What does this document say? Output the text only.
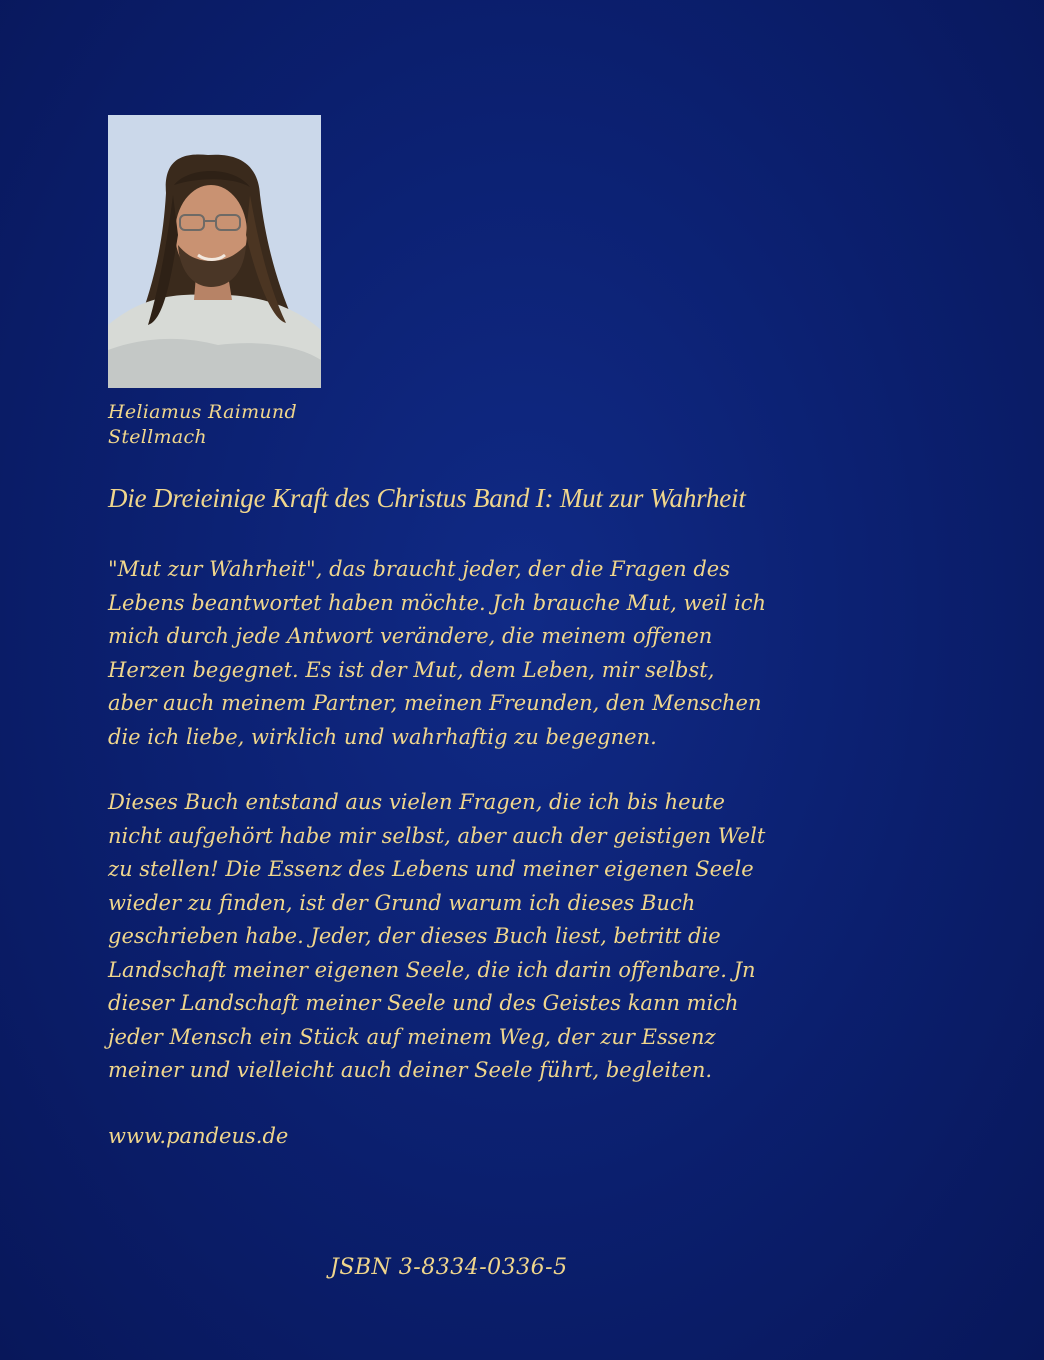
Heliamus Raimund
Stellmach
Die Dreieinige Kraft des Christus Band I: Mut zur Wahrheit
"Mut zur Wahrheit", das braucht jeder, der die Fragen des
Lebens beantwortet haben möchte. Jch brauche Mut, weil ich
mich durch jede Antwort verändere, die meinem offenen
Herzen begegnet. Es ist der Mut, dem Leben, mir selbst,
aber auch meinem Partner, meinen Freunden, den Menschen
die ich liebe, wirklich und wahrhaftig zu begegnen.
Dieses Buch entstand aus vielen Fragen, die ich bis heute
nicht aufgehört habe mir selbst, aber auch der geistigen Welt
zu stellen! Die Essenz des Lebens und meiner eigenen Seele
wieder zu finden, ist der Grund warum ich dieses Buch
geschrieben habe. Jeder, der dieses Buch liest, betritt die
Landschaft meiner eigenen Seele, die ich darin offenbare. Jn
dieser Landschaft meiner Seele und des Geistes kann mich
jeder Mensch ein Stück auf meinem Weg, der zur Essenz
meiner und vielleicht auch deiner Seele führt, begleiten.
www.pandeus.de
JSBN 3-8334-0336-5
